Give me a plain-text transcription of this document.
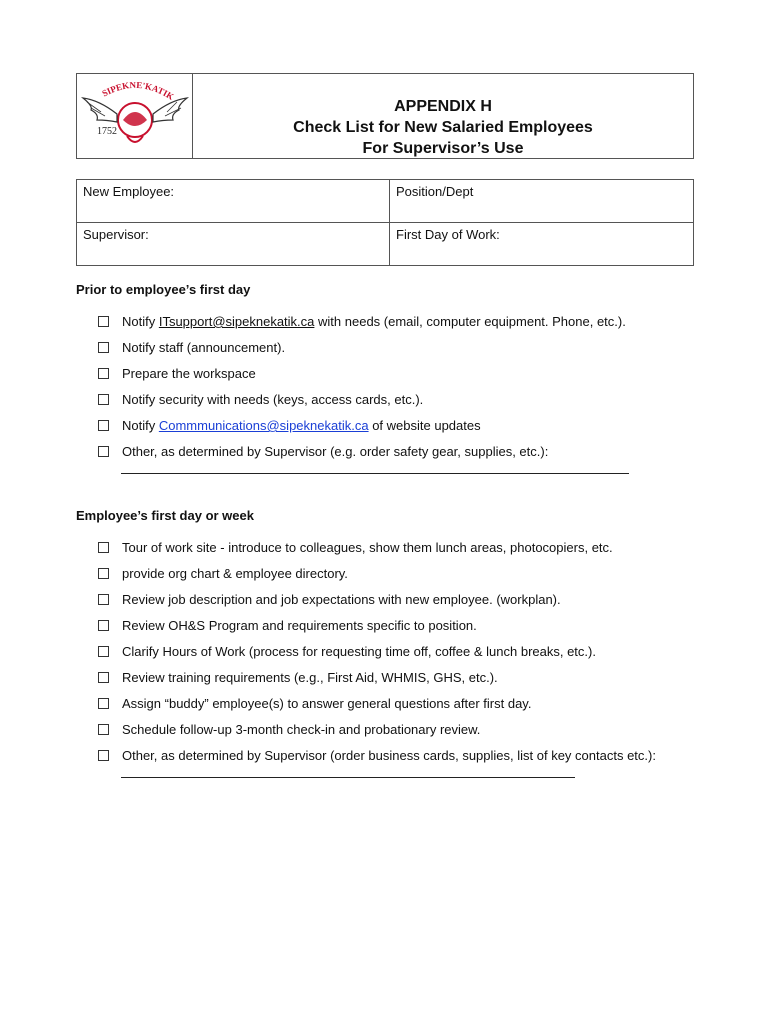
SIPEKNE'KATIK
1752
APPENDIX H
Check List for New Salaried Employees
For Supervisor’s Use
New Employee:	Position/Dept
Supervisor:	First Day of Work:
Prior to employee’s first day
Notify ITsupport@sipeknekatik.ca with needs (email, computer equipment. Phone, etc.).
Notify staff (announcement).
Prepare the workspace
Notify security with needs (keys, access cards, etc.).
Notify Commmunications@sipeknekatik.ca of website updates
Other, as determined by Supervisor (e.g. order safety gear, supplies, etc.):
Employee’s first day or week
Tour of work site - introduce to colleagues, show them lunch areas, photocopiers, etc.
provide org chart & employee directory.
Review job description and job expectations with new employee. (workplan).
Review OH&S Program and requirements specific to position.
Clarify Hours of Work (process for requesting time off, coffee & lunch breaks, etc.).
Review training requirements (e.g., First Aid, WHMIS, GHS, etc.).
Assign “buddy” employee(s) to answer general questions after first day.
Schedule follow-up 3-month check-in and probationary review.
Other, as determined by Supervisor (order business cards, supplies, list of key contacts etc.):
